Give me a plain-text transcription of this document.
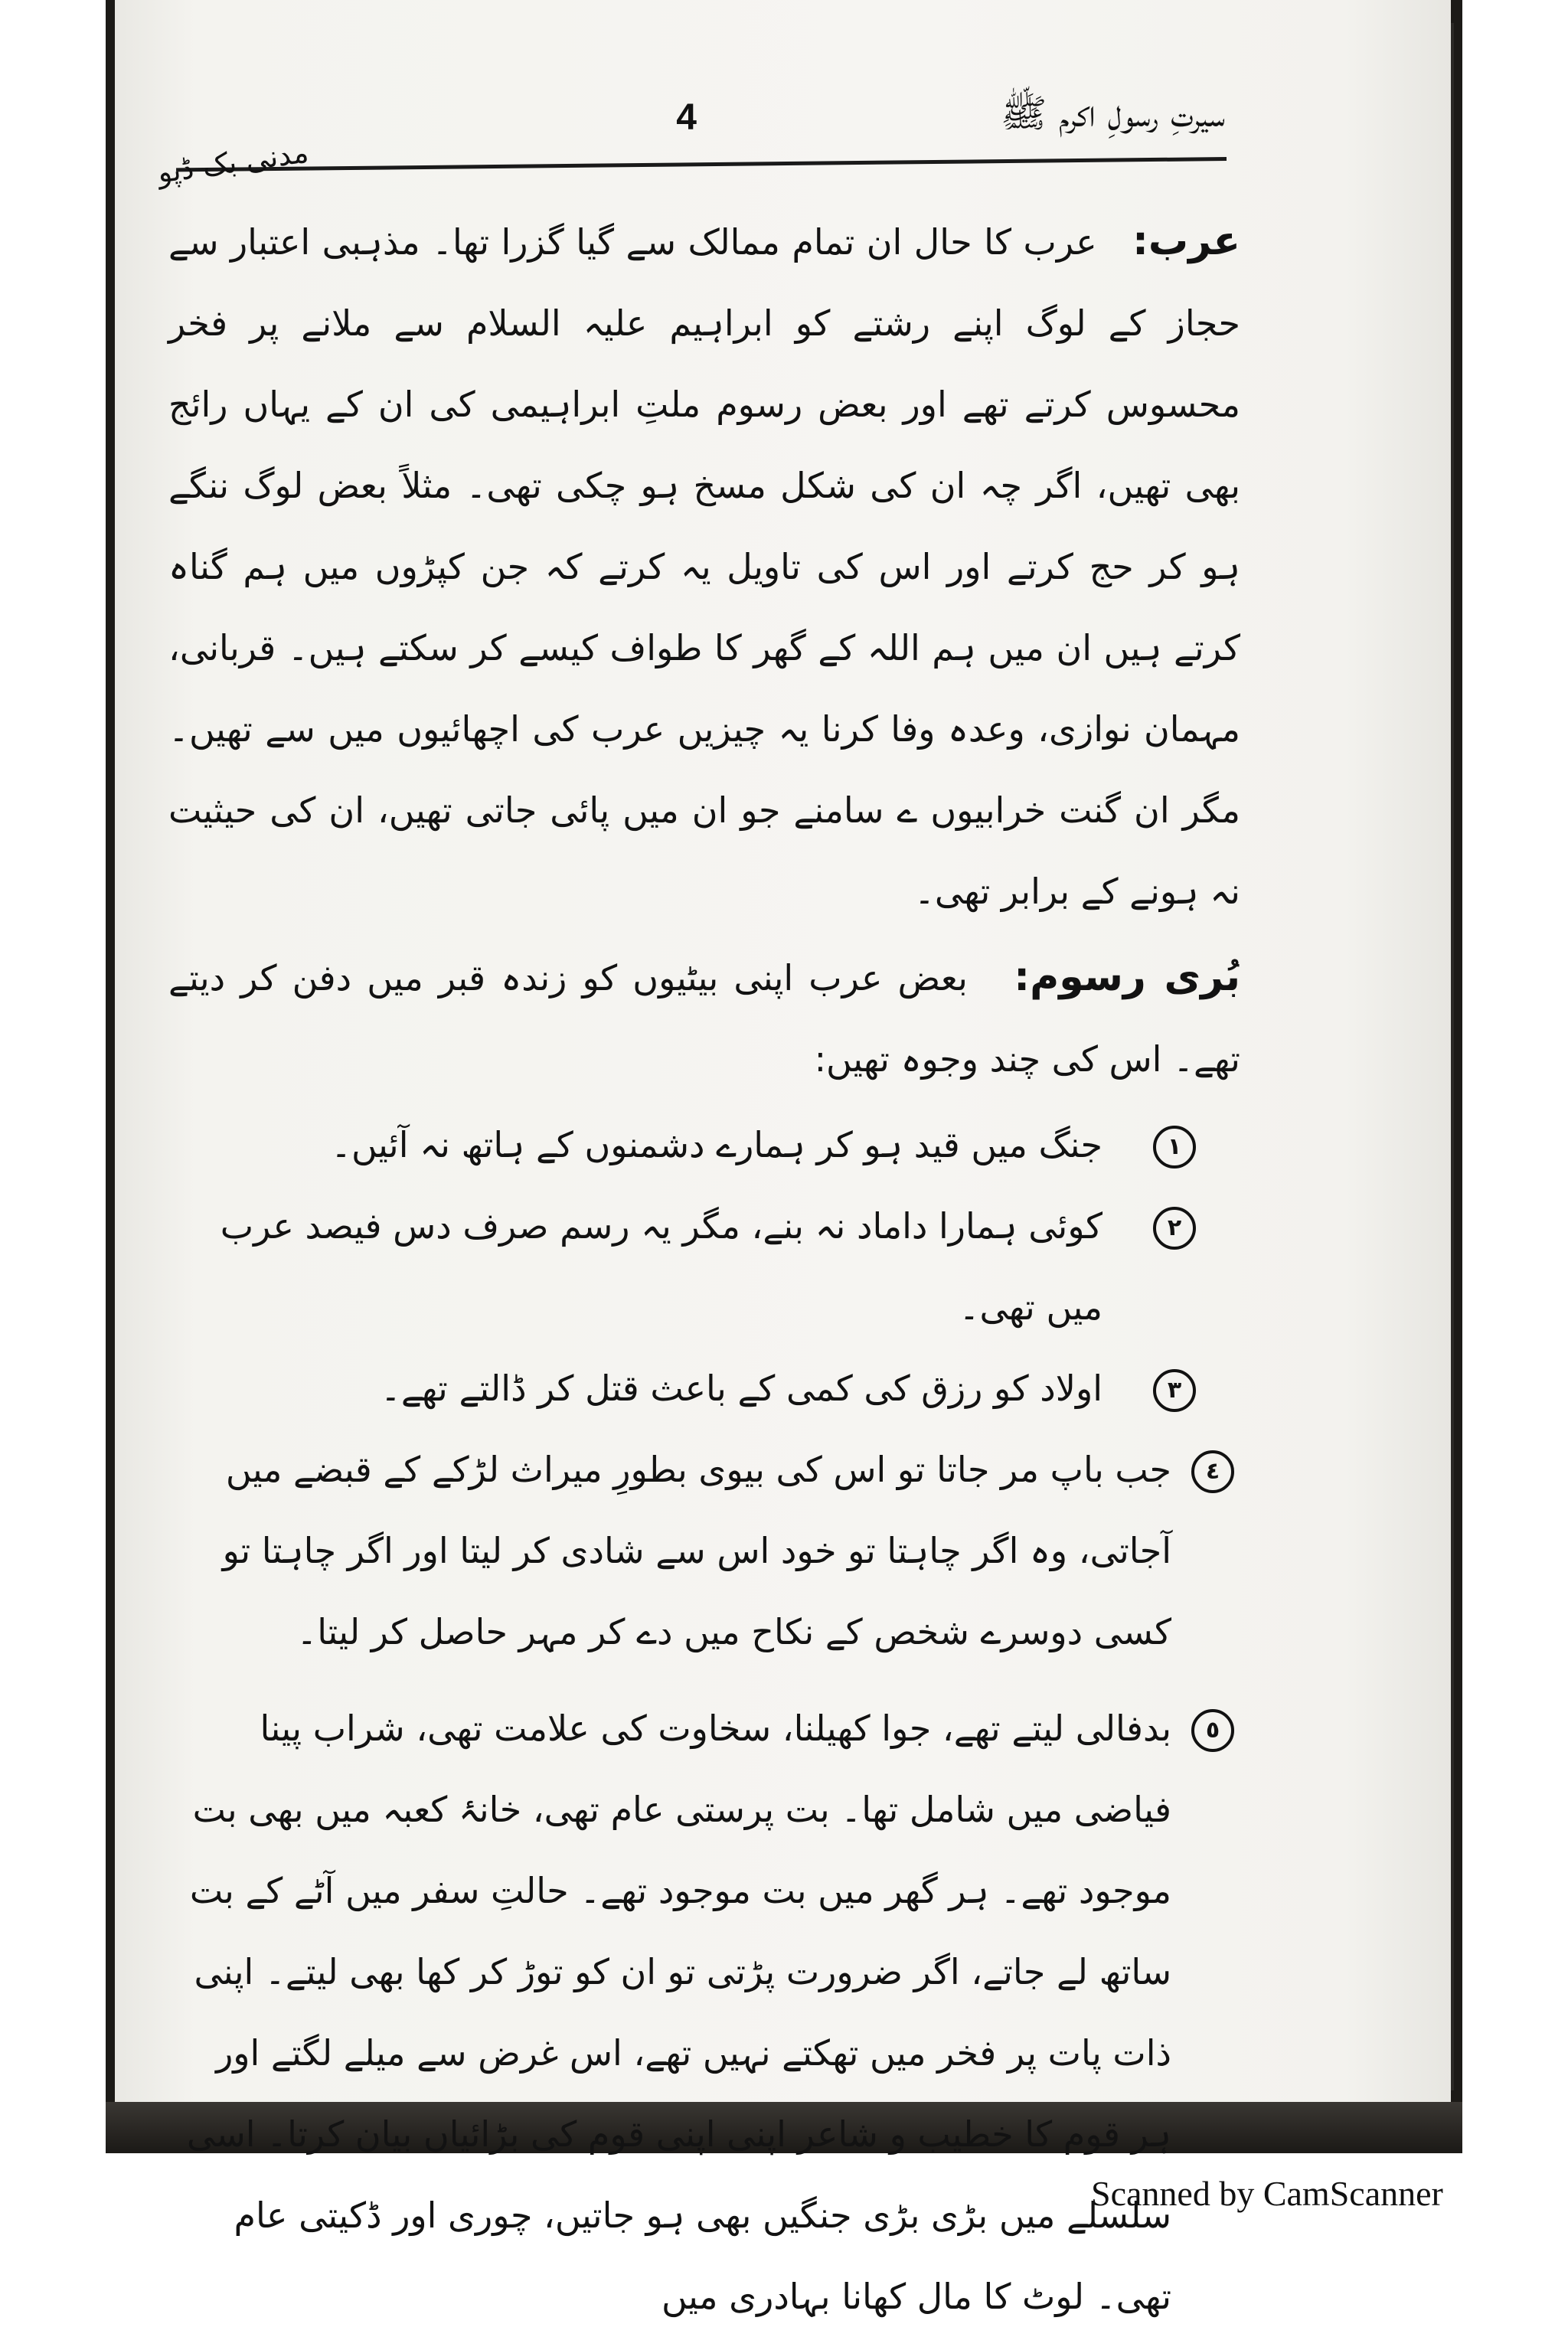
سیرتِ رسولِ اکرم ﷺ
4
مدنی بک ڈپو

عرب:   عرب کا حال ان تمام ممالک سے گیا گزرا تھا۔ مذہبی اعتبار سے حجاز کے لوگ اپنے رشتے کو ابراہیم علیہ السلام سے ملانے پر فخر محسوس کرتے تھے اور بعض رسوم ملتِ ابراہیمی کی ان کے یہاں رائج بھی تھیں، اگر چہ ان کی شکل مسخ ہو چکی تھی۔ مثلاً بعض لوگ ننگے ہو کر حج کرتے اور اس کی تاویل یہ کرتے کہ جن کپڑوں میں ہم گناہ کرتے ہیں ان میں ہم اللہ کے گھر کا طواف کیسے کر سکتے ہیں۔ قربانی، مہمان نوازی، وعدہ وفا کرنا یہ چیزیں عرب کی اچھائیوں میں سے تھیں۔ مگر ان گنت خرابیوں ے سامنے جو ان میں پائی جاتی تھیں، ان کی حیثیت نہ ہونے کے برابر تھی۔

بُری رسوم:   بعض عرب اپنی بیٹیوں کو زندہ قبر میں دفن کر دیتے تھے۔ اس کی چند وجوہ تھیں:

١
جنگ میں قید ہو کر ہمارے دشمنوں کے ہاتھ نہ آئیں۔
٢
کوئی ہمارا داماد نہ بنے، مگر یہ رسم صرف دس فیصد عرب میں تھی۔
٣
اولاد کو رزق کی کمی کے باعث قتل کر ڈالتے تھے۔
٤
جب باپ مر جاتا تو اس کی بیوی بطورِ میراث لڑکے کے قبضے میں آجاتی، وہ اگر چاہتا تو خود اس سے شادی کر لیتا اور اگر چاہتا تو کسی دوسرے شخص کے نکاح میں دے کر مہر حاصل کر لیتا۔
٥
بدفالی لیتے تھے، جوا کھیلنا، سخاوت کی علامت تھی، شراب پینا فیاضی میں شامل تھا۔ بت پرستی عام تھی، خانۂ کعبہ میں بھی بت موجود تھے۔ ہر گھر میں بت موجود تھے۔ حالتِ سفر میں آٹے کے بت ساتھ لے جاتے، اگر ضرورت پڑتی تو ان کو توڑ کر کھا بھی لیتے۔ اپنی ذات پات پر فخر میں تھکتے نہیں تھے، اس غرض سے میلے لگتے اور ہر قوم کا خطیب و شاعر اپنی اپنی قوم کی بڑائیاں بیان کرتا۔ اسی سلسلے میں بڑی بڑی جنگیں بھی ہو جاتیں، چوری اور ڈکیتی عام تھی۔ لوٹ کا مال کھانا بہادری میں
Scanned by CamScanner
